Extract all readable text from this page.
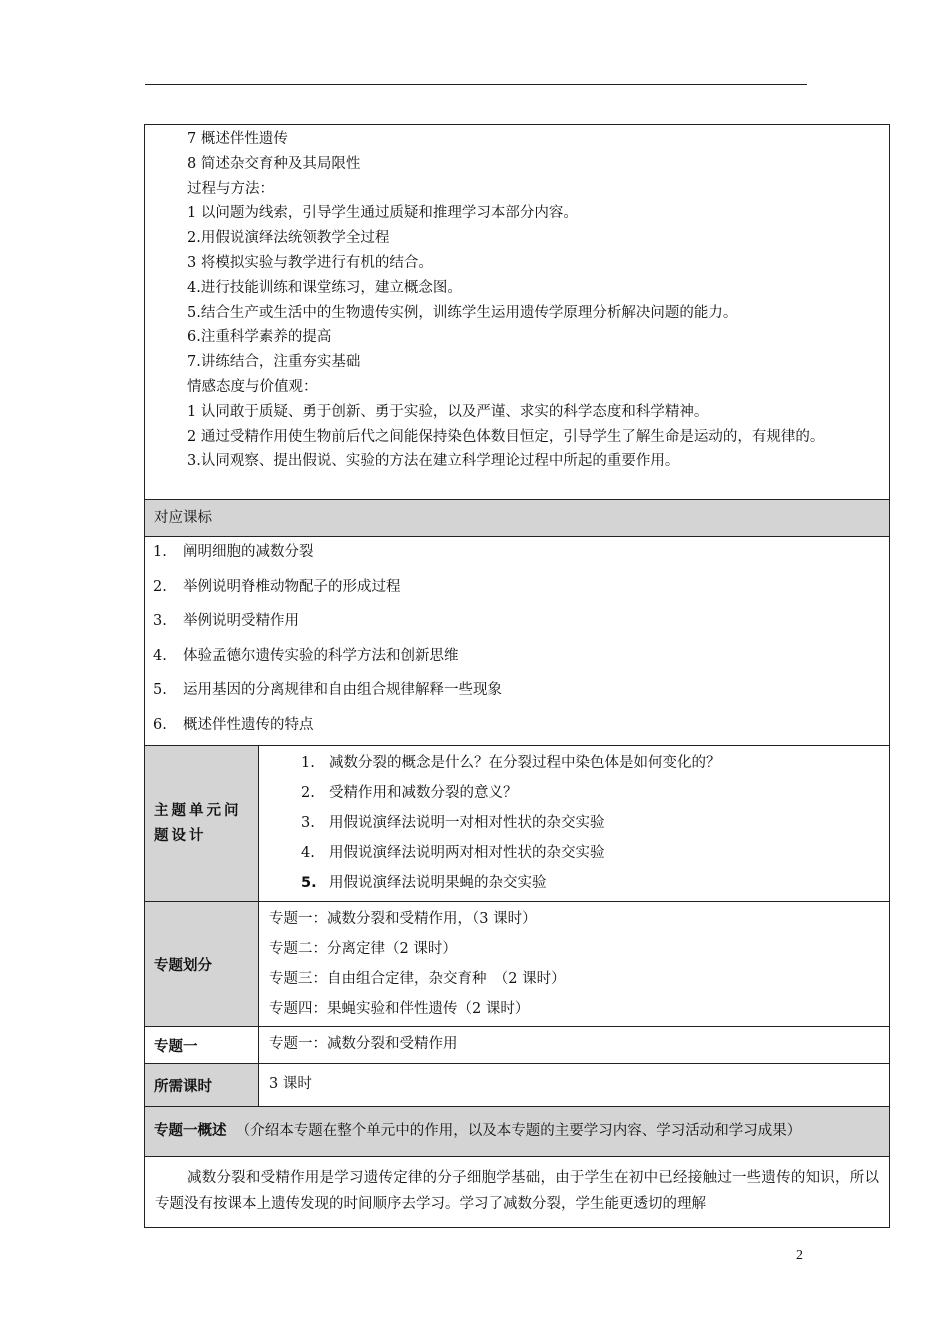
7 概述伴性遗传
8 简述杂交育种及其局限性
过程与方法：
1 以问题为线索，引导学生通过质疑和推理学习本部分内容。
2.用假说演绎法统领教学全过程
3 将模拟实验与教学进行有机的结合。
4.进行技能训练和课堂练习，建立概念图。
5.结合生产或生活中的生物遗传实例，训练学生运用遗传学原理分析解决问题的能力。
6.注重科学素养的提高
7.讲练结合，注重夯实基础
情感态度与价值观：
1 认同敢于质疑、勇于创新、勇于实验，以及严谨、求实的科学态度和科学精神。
2 通过受精作用使生物前后代之间能保持染色体数目恒定，引导学生了解生命是运动的，有规律的。
3.认同观察、提出假说、实验的方法在建立科学理论过程中所起的重要作用。
对应课标
1. 阐明细胞的减数分裂
2. 举例说明脊椎动物配子的形成过程
3. 举例说明受精作用
4. 体验孟德尔遗传实验的科学方法和创新思维
5. 运用基因的分离规律和自由组合规律解释一些现象
6. 概述伴性遗传的特点
主题单元问题设计
1. 减数分裂的概念是什么？在分裂过程中染色体是如何变化的？
2. 受精作用和减数分裂的意义？
3. 用假说演绎法说明一对相对性状的杂交实验
4. 用假说演绎法说明两对相对性状的杂交实验
5. 用假说演绎法说明果蝇的杂交实验
专题划分
专题一：减数分裂和受精作用，（3 课时）
专题二：分离定律（2 课时）
专题三：自由组合定律，杂交育种　（2 课时）
专题四：果蝇实验和伴性遗传（2 课时）
专题一	专题一：减数分裂和受精作用
所需课时	3 课时
专题一概述 （介绍本专题在整个单元中的作用，以及本专题的主要学习内容、学习活动和学习成果）
减数分裂和受精作用是学习遗传定律的分子细胞学基础，由于学生在初中已经接触过一些遗传的知识，所以专题没有按课本上遗传发现的时间顺序去学习。学习了减数分裂，学生能更透切的理解
2
